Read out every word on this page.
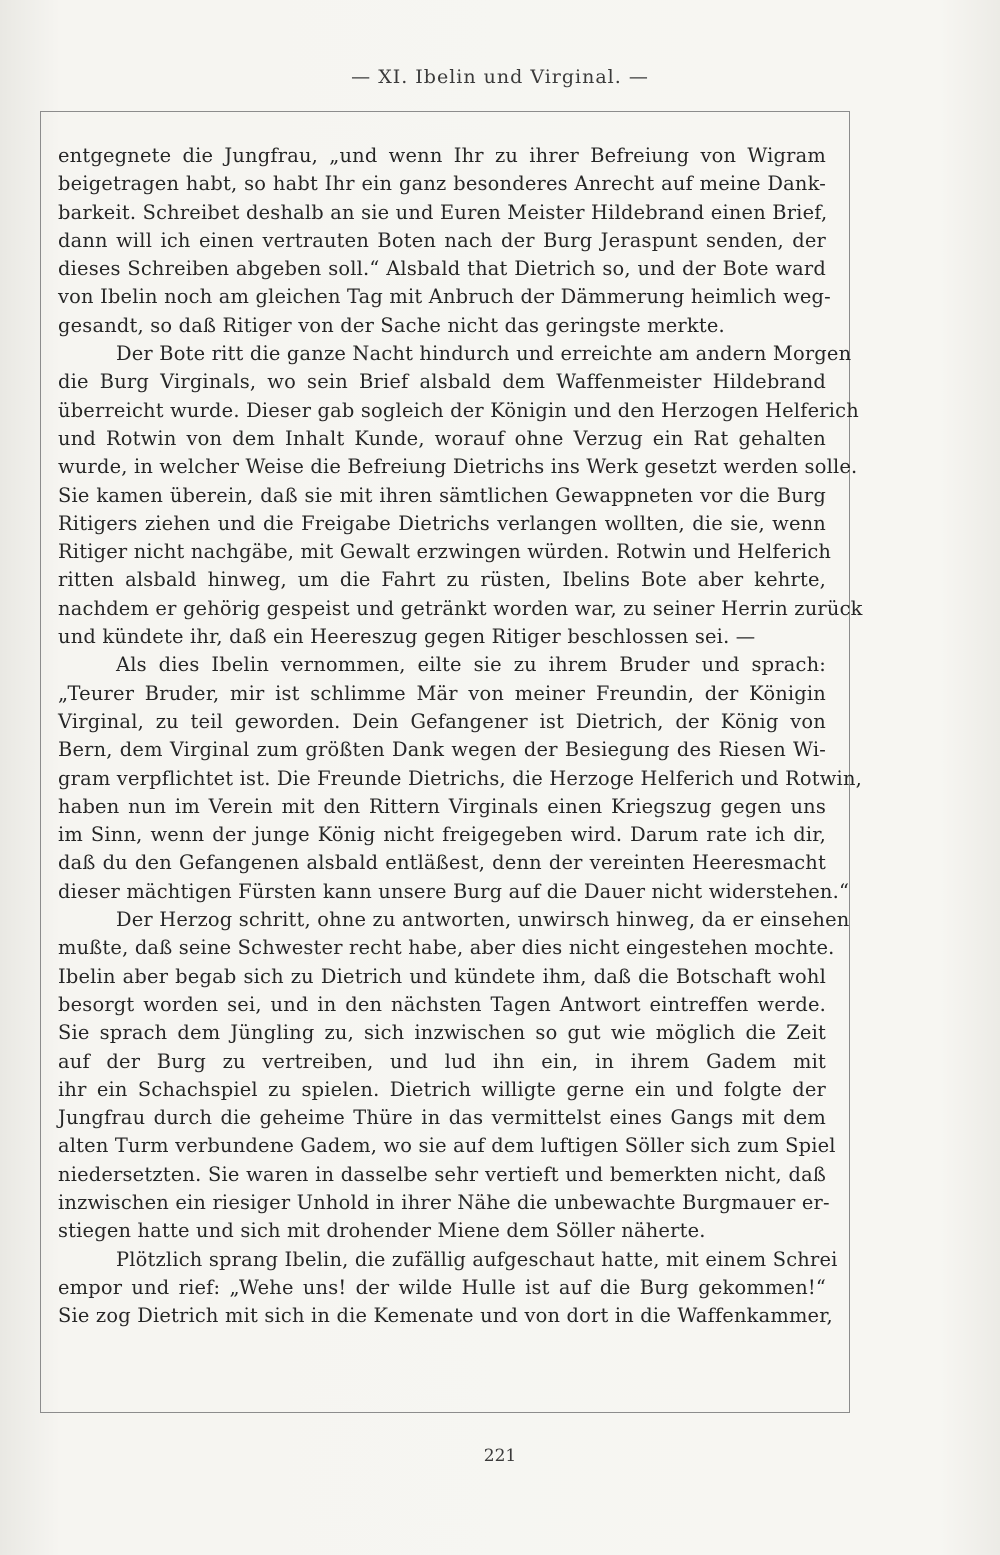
— XI. Ibelin und Virginal. —

entgegnete die Jungfrau, „und wenn Ihr zu ihrer Befreiung von Wigram
beigetragen habt, so habt Ihr ein ganz besonderes Anrecht auf meine Dank-
barkeit. Schreibet deshalb an sie und Euren Meister Hildebrand einen Brief,
dann will ich einen vertrauten Boten nach der Burg Jeraspunt senden, der
dieses Schreiben abgeben soll.“ Alsbald that Dietrich so, und der Bote ward
von Ibelin noch am gleichen Tag mit Anbruch der Dämmerung heimlich weg-
gesandt, so daß Ritiger von der Sache nicht das geringste merkte.

Der Bote ritt die ganze Nacht hindurch und erreichte am andern Morgen
die Burg Virginals, wo sein Brief alsbald dem Waffenmeister Hildebrand
überreicht wurde. Dieser gab sogleich der Königin und den Herzogen Helferich
und Rotwin von dem Inhalt Kunde, worauf ohne Verzug ein Rat gehalten
wurde, in welcher Weise die Befreiung Dietrichs ins Werk gesetzt werden solle.
Sie kamen überein, daß sie mit ihren sämtlichen Gewappneten vor die Burg
Ritigers ziehen und die Freigabe Dietrichs verlangen wollten, die sie, wenn
Ritiger nicht nachgäbe, mit Gewalt erzwingen würden. Rotwin und Helferich
ritten alsbald hinweg, um die Fahrt zu rüsten, Ibelins Bote aber kehrte,
nachdem er gehörig gespeist und getränkt worden war, zu seiner Herrin zurück
und kündete ihr, daß ein Heereszug gegen Ritiger beschlossen sei. —

Als dies Ibelin vernommen, eilte sie zu ihrem Bruder und sprach:
„Teurer Bruder, mir ist schlimme Mär von meiner Freundin, der Königin
Virginal, zu teil geworden. Dein Gefangener ist Dietrich, der König von
Bern, dem Virginal zum größten Dank wegen der Besiegung des Riesen Wi-
gram verpflichtet ist. Die Freunde Dietrichs, die Herzoge Helferich und Rotwin,
haben nun im Verein mit den Rittern Virginals einen Kriegszug gegen uns
im Sinn, wenn der junge König nicht freigegeben wird. Darum rate ich dir,
daß du den Gefangenen alsbald entläßest, denn der vereinten Heeresmacht
dieser mächtigen Fürsten kann unsere Burg auf die Dauer nicht widerstehen.“

Der Herzog schritt, ohne zu antworten, unwirsch hinweg, da er einsehen
mußte, daß seine Schwester recht habe, aber dies nicht eingestehen mochte.
Ibelin aber begab sich zu Dietrich und kündete ihm, daß die Botschaft wohl
besorgt worden sei, und in den nächsten Tagen Antwort eintreffen werde.
Sie sprach dem Jüngling zu, sich inzwischen so gut wie möglich die Zeit
auf der Burg zu vertreiben, und lud ihn ein, in ihrem Gadem mit
ihr ein Schachspiel zu spielen. Dietrich willigte gerne ein und folgte der
Jungfrau durch die geheime Thüre in das vermittelst eines Gangs mit dem
alten Turm verbundene Gadem, wo sie auf dem luftigen Söller sich zum Spiel
niedersetzten. Sie waren in dasselbe sehr vertieft und bemerkten nicht, daß
inzwischen ein riesiger Unhold in ihrer Nähe die unbewachte Burgmauer er-
stiegen hatte und sich mit drohender Miene dem Söller näherte.

Plötzlich sprang Ibelin, die zufällig aufgeschaut hatte, mit einem Schrei
empor und rief: „Wehe uns! der wilde Hulle ist auf die Burg gekommen!“
Sie zog Dietrich mit sich in die Kemenate und von dort in die Waffenkammer,

221
